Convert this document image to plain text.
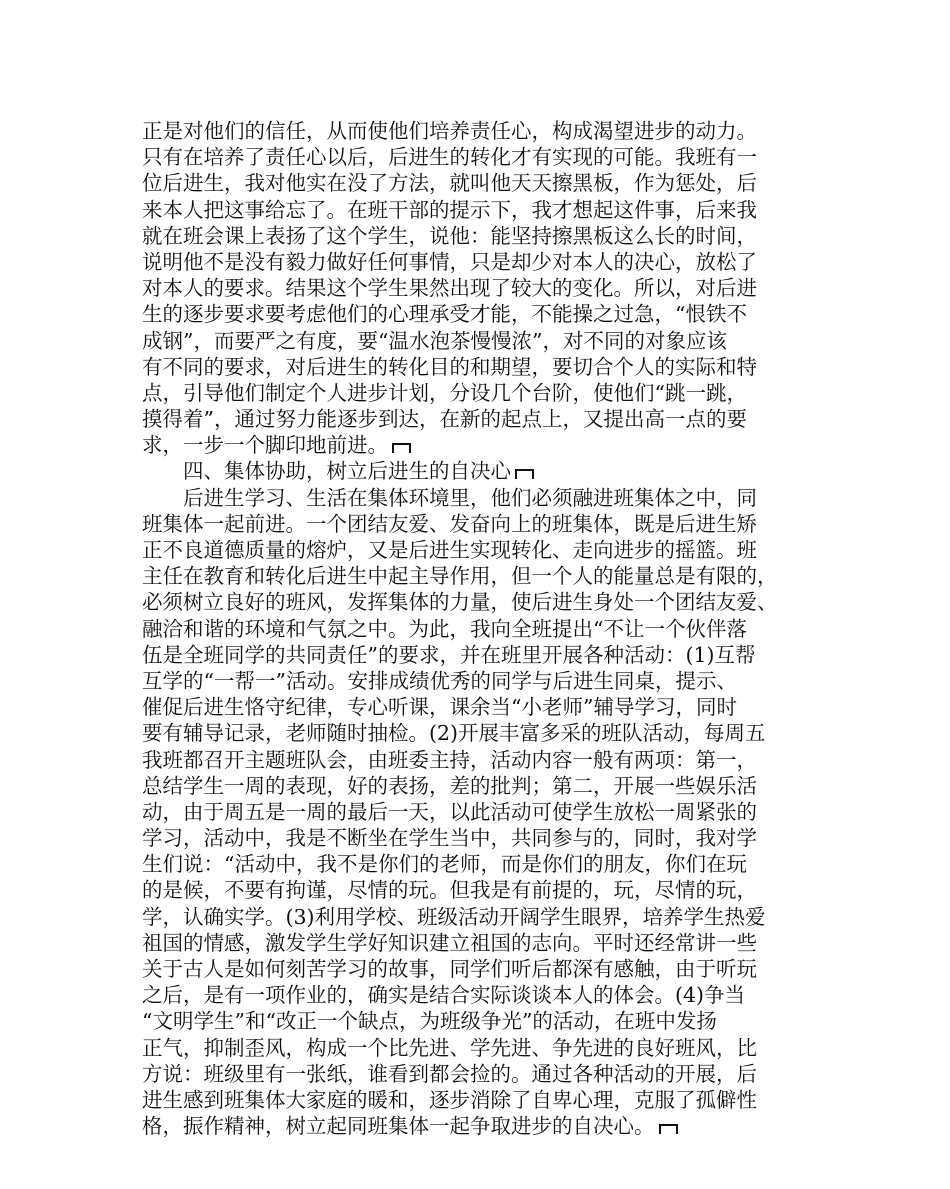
正是对他们的信任，从而使他们培养责任心，构成渴望进步的动力。
只有在培养了责任心以后，后进生的转化才有实现的可能。我班有一
位后进生，我对他实在没了方法，就叫他天天擦黑板，作为惩处，后
来本人把这事给忘了。在班干部的提示下，我才想起这件事，后来我
就在班会课上表扬了这个学生，说他：能坚持擦黑板这么长的时间，
说明他不是没有毅力做好任何事情，只是却少对本人的决心，放松了
对本人的要求。结果这个学生果然出现了较大的变化。所以，对后进
生的逐步要求要考虑他们的心理承受才能，不能操之过急，“恨铁不
成钢”，而要严之有度，要“温水泡茶慢慢浓”，对不同的对象应该
有不同的要求，对后进生的转化目的和期望，要切合个人的实际和特
点，引导他们制定个人进步计划，分设几个台阶，使他们“跳一跳，
摸得着”，通过努力能逐步到达，在新的起点上，又提出高一点的要
求，一步一个脚印地前进。
四、集体协助，树立后进生的自决心
后进生学习、生活在集体环境里，他们必须融进班集体之中，同
班集体一起前进。一个团结友爱、发奋向上的班集体，既是后进生矫
正不良道德质量的熔炉，又是后进生实现转化、走向进步的摇篮。班
主任在教育和转化后进生中起主导作用，但一个人的能量总是有限的，
必须树立良好的班风，发挥集体的力量，使后进生身处一个团结友爱、
融洽和谐的环境和气氛之中。为此，我向全班提出“不让一个伙伴落
伍是全班同学的共同责任”的要求，并在班里开展各种活动：(1)互帮
互学的“一帮一”活动。安排成绩优秀的同学与后进生同桌，提示、
催促后进生恪守纪律，专心听课，课余当“小老师”辅导学习，同时
要有辅导记录，老师随时抽检。(2)开展丰富多采的班队活动，每周五
我班都召开主题班队会，由班委主持，活动内容一般有两项：第一，
总结学生一周的表现，好的表扬，差的批判；第二，开展一些娱乐活
动，由于周五是一周的最后一天，以此活动可使学生放松一周紧张的
学习，活动中，我是不断坐在学生当中，共同参与的，同时，我对学
生们说：“活动中，我不是你们的老师，而是你们的朋友，你们在玩
的是候，不要有拘谨，尽情的玩。但我是有前提的，玩，尽情的玩，
学，认确实学。(3)利用学校、班级活动开阔学生眼界，培养学生热爱
祖国的情感，激发学生学好知识建立祖国的志向。平时还经常讲一些
关于古人是如何刻苦学习的故事，同学们听后都深有感触，由于听玩
之后，是有一项作业的，确实是结合实际谈谈本人的体会。(4)争当
“文明学生”和“改正一个缺点，为班级争光”的活动，在班中发扬
正气，抑制歪风，构成一个比先进、学先进、争先进的良好班风，比
方说：班级里有一张纸，谁看到都会捡的。通过各种活动的开展，后
进生感到班集体大家庭的暖和，逐步消除了自卑心理，克服了孤僻性
格，振作精神，树立起同班集体一起争取进步的自决心。
